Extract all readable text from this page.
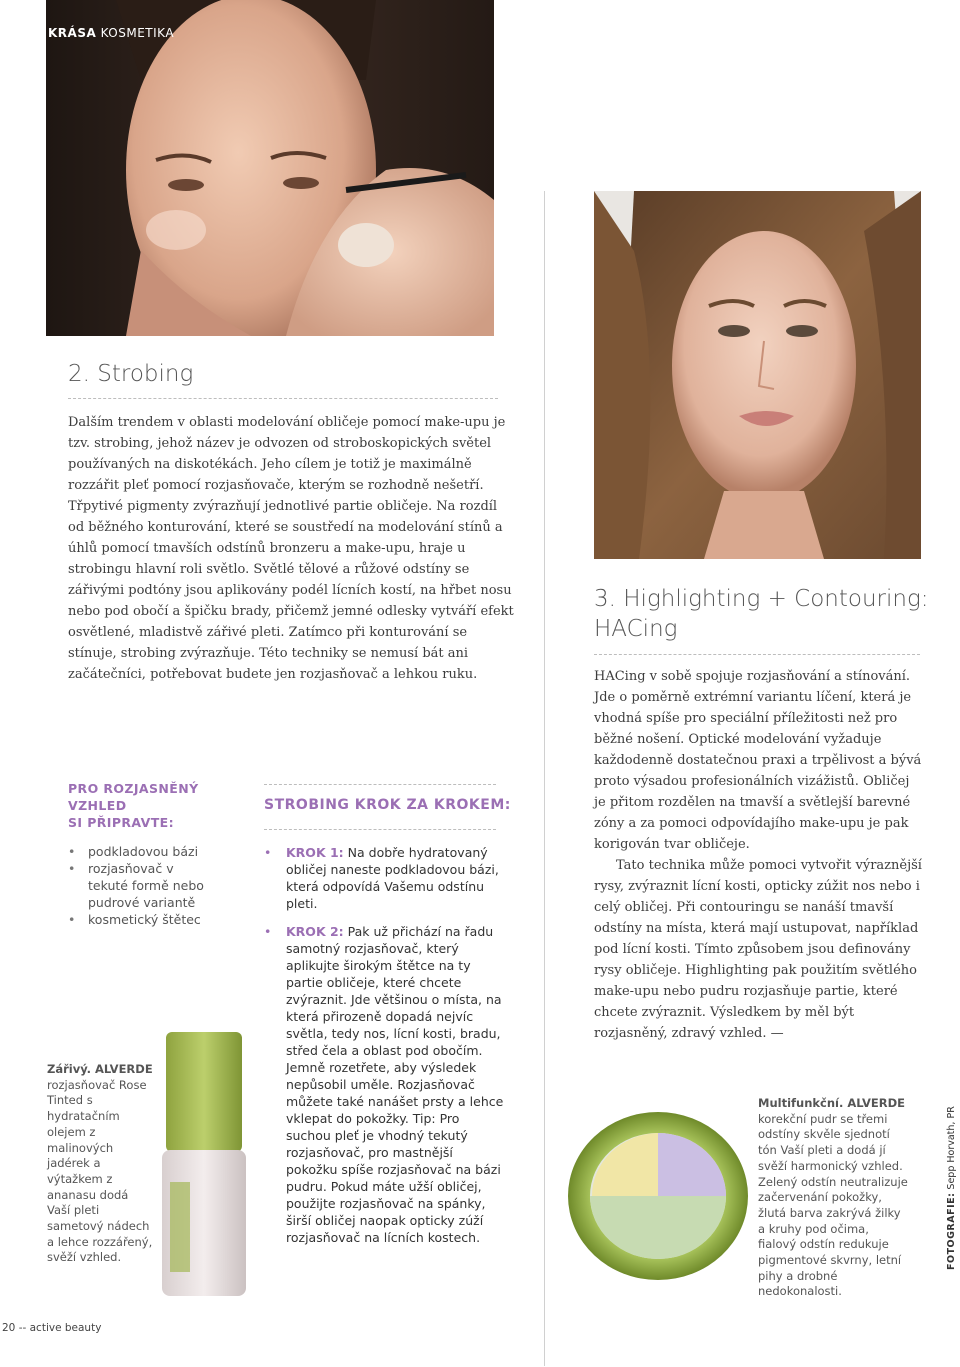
KRÁSA KOSMETIKA
2. Strobing

Dalším trendem v oblasti modelování obličeje pomocí make-upu je tzv. strobing, jehož název je odvozen od stroboskopických světel používaných na diskotékách. Jeho cílem je totiž je maximálně rozzářit pleť pomocí rozjasňovače, kterým se rozhodně nešetří. Třpytivé pigmenty zvýrazňují jednotlivé partie obličeje. Na rozdíl od běžného konturování, které se soustředí na modelování stínů a úhlů pomocí tmavších odstínů bronzeru a make-upu, hraje u strobingu hlavní roli světlo. Světlé tělové a růžové odstíny se zářivými podtóny jsou aplikovány podél lícních kostí, na hřbet nosu nebo pod obočí a špičku brady, přičemž jemné odlesky vytváří efekt osvětlené, mladistvě zářivé pleti. Zatímco při konturování se stínuje, strobing zvýrazňuje. Této techniky se nemusí bát ani začátečníci, potřebovat budete jen rozjasňovač a lehkou ruku.

PRO ROZJASNĚNÝ
VZHLED
SI PŘIPRAVTE:
• podkladovou bázi
• rozjasňovač v tekuté formě nebo pudrové variantě
• kosmetický štětec
STROBING KROK ZA KROKEM:
•	KROK 1: Na dobře hydratovaný obličej naneste podkladovou bázi, která odpovídá Vašemu odstínu pleti.
•	KROK 2: Pak už přichází na řadu samotný rozjasňovač, který aplikujte širokým štětce na ty partie obličeje, které chcete zvýraznit. Jde většinou o místa, na která přirozeně dopadá nejvíc světla, tedy nos, lícní kosti, bradu, střed čela a oblast pod obočím. Jemně rozetřete, aby výsledek nepůsobil uměle. Rozjasňovač můžete také nanášet prsty a lehce vklepat do pokožky. Tip: Pro suchou pleť je vhodný tekutý rozjasňovač, pro mastnější pokožku spíše rozjasňovač na bázi pudru. Pokud máte užší obličej, použijte rozjasňovač na spánky, širší obličej naopak opticky zúží rozjasňovač na lícních kostech.
Zářivý. ALVERDE rozjasňovač Rose Tinted s hydratačním olejem z malinových jadérek a výtažkem z ananasu dodá Vaší pleti sametový nádech a lehce rozzářený, svěží vzhled.
3. Highlighting + Contouring:
HACing

HACing v sobě spojuje rozjasňování a stínování. Jde o poměrně extrémní variantu líčení, která je vhodná spíše pro speciální příležitosti než pro běžné nošení. Optické modelování vyžaduje každodenně dostatečnou praxi a trpělivost a bývá proto výsadou profesionálních vizážistů. Obličej je přitom rozdělen na tmavší a světlejší barevné zóny a za pomoci odpovídajího make-upu je pak korigován tvar obličeje.

Tato technika může pomoci vytvořit výraznější rysy, zvýraznit lícní kosti, opticky zúžit nos nebo i celý obličej. Při contouringu se nanáší tmavší odstíny na místa, která mají ustupovat, například pod lícní kosti. Tímto způsobem jsou definovány rysy obličeje. Highlighting pak použitím světlého make-upu nebo pudru rozjasňuje partie, které chcete zvýraznit. Výsledkem by měl být rozjasněný, zdravý vzhled. —

Multifunkční. ALVERDE korekční pudr se třemi odstíny skvěle sjednotí tón Vaší pleti a dodá jí svěží harmonický vzhled. Zelený odstín neutralizuje začervenání pokožky, žlutá barva zakrývá žilky a kruhy pod očima, fialový odstín redukuje pigmentové skvrny, letní pihy a drobné nedokonalosti.
20 -- active beauty
FOTOGRAFIE: Sepp Horvath, PR
